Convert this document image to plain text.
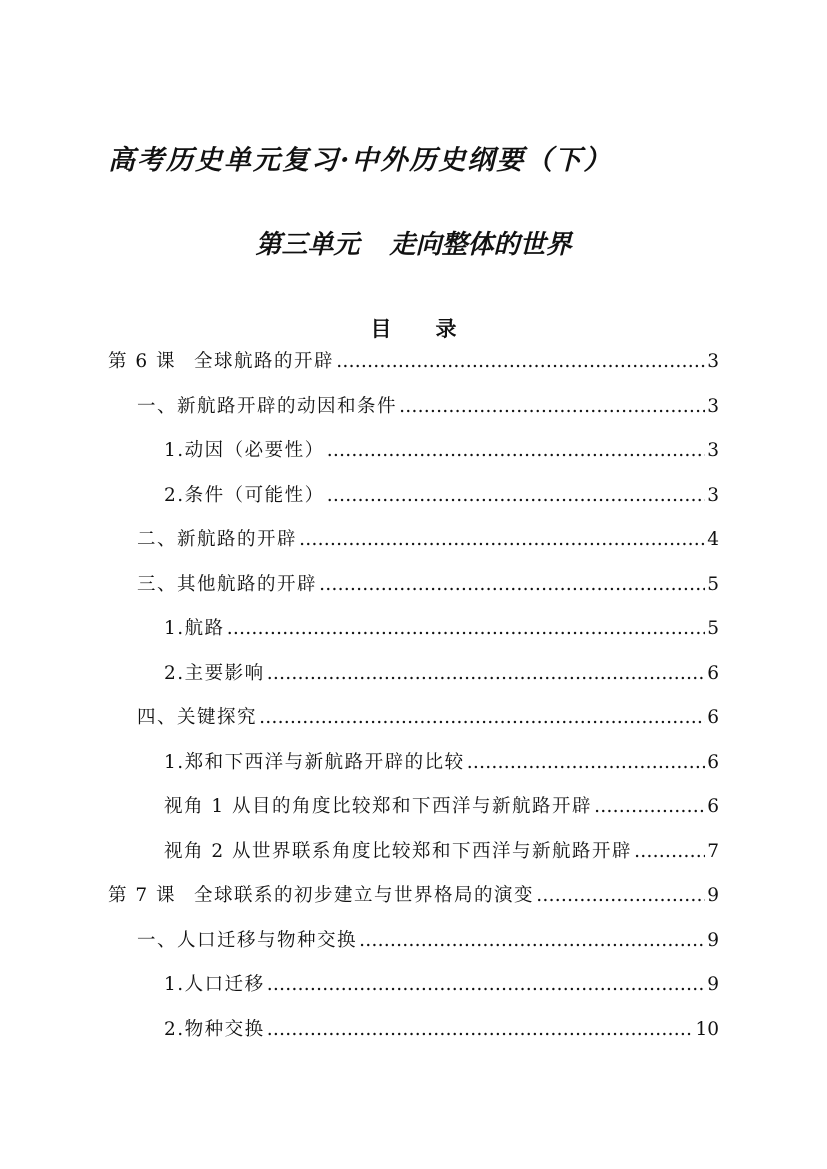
高考历史单元复习·中外历史纲要（下）
第三单元 走向整体的世界
目 录
第 6 课 全球航路的开辟 …………………………………………………………………………………………………………………………………………………………………………	3
一、新航路开辟的动因和条件 …………………………………………………………………………………………………………………………………………………………………………	3
1.动因（必要性） …………………………………………………………………………………………………………………………………………………………………………	3
2.条件（可能性） …………………………………………………………………………………………………………………………………………………………………………	3
二、新航路的开辟 …………………………………………………………………………………………………………………………………………………………………………	4
三、其他航路的开辟 …………………………………………………………………………………………………………………………………………………………………………	5
1.航路 …………………………………………………………………………………………………………………………………………………………………………	5
2.主要影响 …………………………………………………………………………………………………………………………………………………………………………	6
四、关键探究 …………………………………………………………………………………………………………………………………………………………………………	6
1.郑和下西洋与新航路开辟的比较 …………………………………………………………………………………………………………………………………………………………………………	6
视角 1 从目的角度比较郑和下西洋与新航路开辟 …………………………………………………………………………………………………………………………………………………………………………	6
视角 2 从世界联系角度比较郑和下西洋与新航路开辟 …………………………………………………………………………………………………………………………………………………………………………	7
第 7 课 全球联系的初步建立与世界格局的演变 …………………………………………………………………………………………………………………………………………………………………………	9
一、人口迁移与物种交换 …………………………………………………………………………………………………………………………………………………………………………	9
1.人口迁移 …………………………………………………………………………………………………………………………………………………………………………	9
2.物种交换 …………………………………………………………………………………………………………………………………………………………………………	10
